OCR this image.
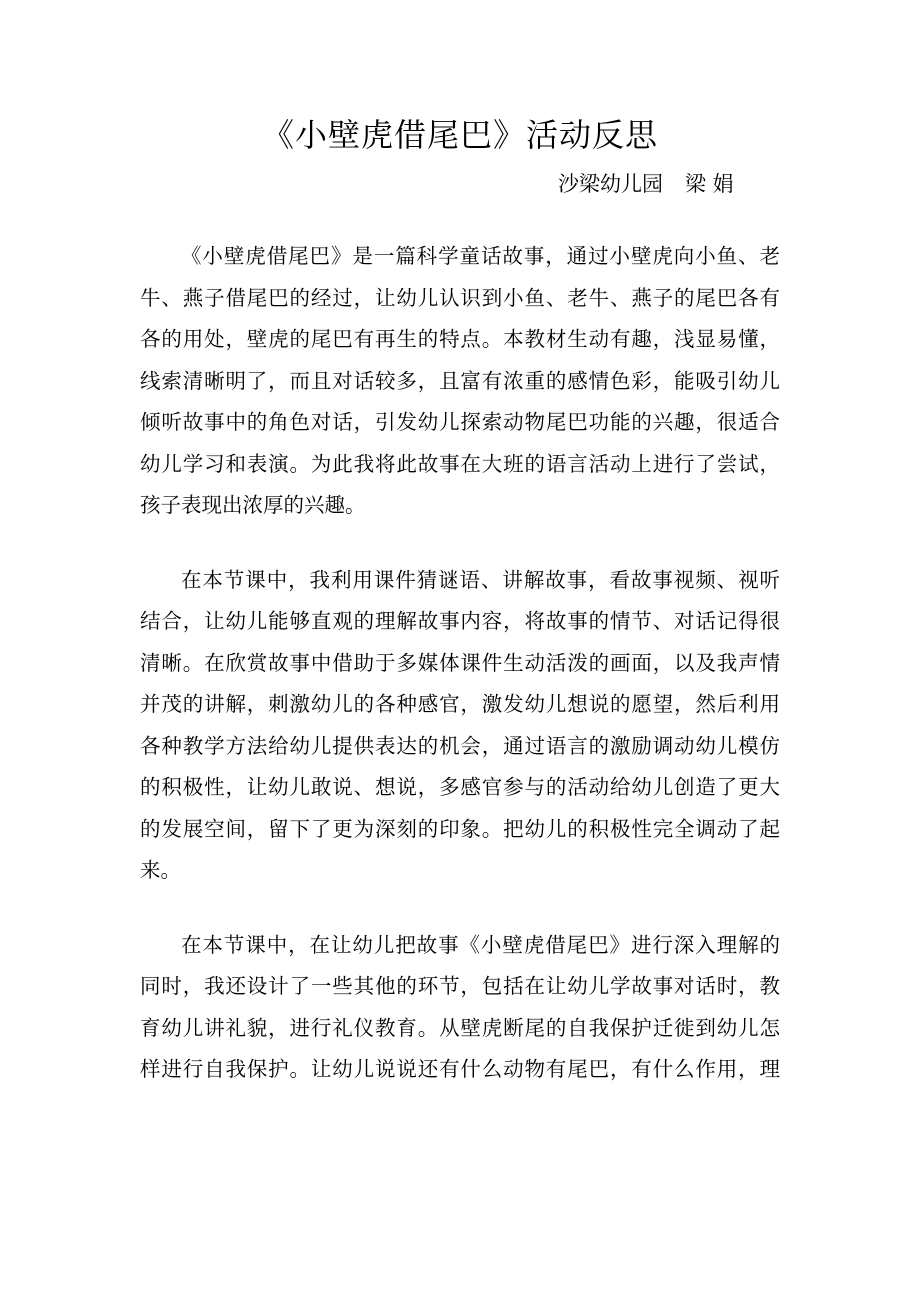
《小壁虎借尾巴》活动反思
沙梁幼儿园 梁 娟
《小壁虎借尾巴》是一篇科学童话故事，通过小壁虎向小鱼、老
牛、燕子借尾巴的经过，让幼儿认识到小鱼、老牛、燕子的尾巴各有
各的用处，壁虎的尾巴有再生的特点。本教材生动有趣，浅显易懂，
线索清晰明了，而且对话较多，且富有浓重的感情色彩，能吸引幼儿
倾听故事中的角色对话，引发幼儿探索动物尾巴功能的兴趣，很适合
幼儿学习和表演。为此我将此故事在大班的语言活动上进行了尝试，
孩子表现出浓厚的兴趣。
在本节课中，我利用课件猜谜语、讲解故事，看故事视频、视听
结合，让幼儿能够直观的理解故事内容，将故事的情节、对话记得很
清晰。在欣赏故事中借助于多媒体课件生动活泼的画面，以及我声情
并茂的讲解，刺激幼儿的各种感官，激发幼儿想说的愿望，然后利用
各种教学方法给幼儿提供表达的机会，通过语言的激励调动幼儿模仿
的积极性，让幼儿敢说、想说，多感官参与的活动给幼儿创造了更大
的发展空间，留下了更为深刻的印象。把幼儿的积极性完全调动了起
来。
在本节课中，在让幼儿把故事《小壁虎借尾巴》进行深入理解的
同时，我还设计了一些其他的环节，包括在让幼儿学故事对话时，教
育幼儿讲礼貌，进行礼仪教育。从壁虎断尾的自我保护迁徙到幼儿怎
样进行自我保护。让幼儿说说还有什么动物有尾巴，有什么作用，理
